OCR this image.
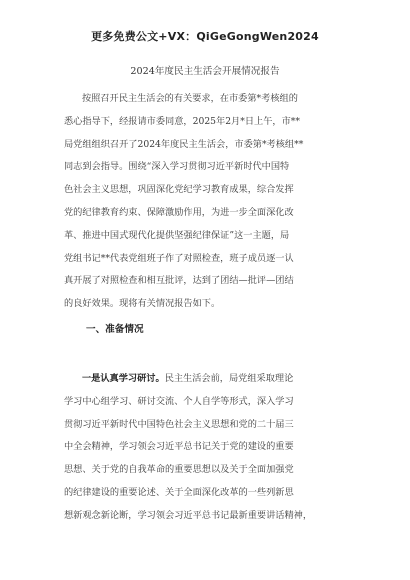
更多免费公文+VX：QiGeGongWen2024
2024年度民主生活会开展情况报告
按照召开民主生活会的有关要求，在市委第*考核组的
悉心指导下，经报请市委同意，2025年2月*日上午，市**
局党组组织召开了2024年度民主生活会，市委第*考核组**
同志到会指导。围绕“深入学习贯彻习近平新时代中国特
色社会主义思想，巩固深化党纪学习教育成果，综合发挥
党的纪律教育约束、保障激励作用，为进一步全面深化改
革、推进中国式现代化提供坚强纪律保证”这一主题，局
党组书记**代表党组班子作了对照检查，班子成员逐一认
真开展了对照检查和相互批评，达到了团结—批评—团结
的良好效果。现将有关情况报告如下。
一、准备情况
一是认真学习研讨。民主生活会前，局党组采取理论
学习中心组学习、研讨交流、个人自学等形式，深入学习
贯彻习近平新时代中国特色社会主义思想和党的二十届三
中全会精神，学习领会习近平总书记关于党的建设的重要
思想、关于党的自我革命的重要思想以及关于全面加强党
的纪律建设的重要论述、关于全面深化改革的一些列新思
想新观念新论断，学习领会习近平总书记最新重要讲话精神，
